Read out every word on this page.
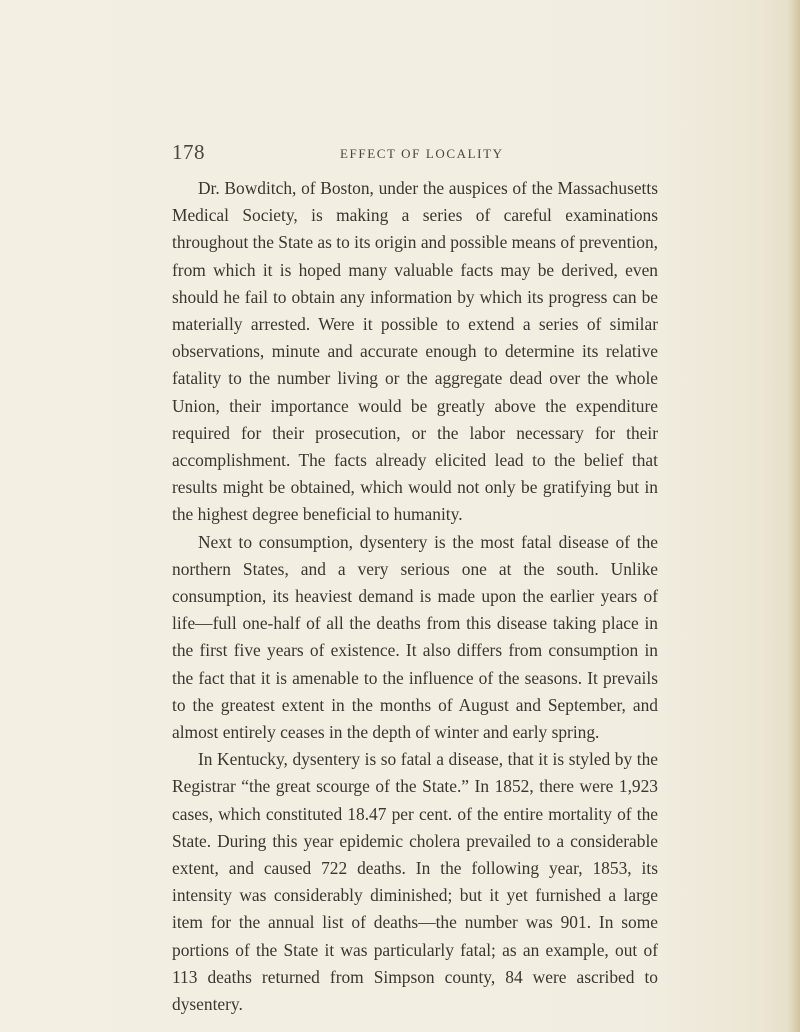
178	EFFECT OF LOCALITY

Dr. Bowditch, of Boston, under the auspices of the Massachusetts Medical Society, is making a series of careful examinations throughout the State as to its origin and possible means of prevention, from which it is hoped many valuable facts may be derived, even should he fail to obtain any information by which its progress can be materially arrested. Were it possible to extend a series of similar observations, minute and accurate enough to determine its relative fatality to the number living or the aggregate dead over the whole Union, their importance would be greatly above the expenditure required for their prosecution, or the labor necessary for their accomplishment. The facts already elicited lead to the belief that results might be obtained, which would not only be gratifying but in the highest degree beneficial to humanity.

Next to consumption, dysentery is the most fatal disease of the northern States, and a very serious one at the south. Unlike consumption, its heaviest demand is made upon the earlier years of life—full one-half of all the deaths from this disease taking place in the first five years of existence. It also differs from consumption in the fact that it is amenable to the influence of the seasons. It prevails to the greatest extent in the months of August and September, and almost entirely ceases in the depth of winter and early spring.

In Kentucky, dysentery is so fatal a disease, that it is styled by the Registrar “the great scourge of the State.” In 1852, there were 1,923 cases, which constituted 18.47 per cent. of the entire mortality of the State. During this year epidemic cholera prevailed to a considerable extent, and caused 722 deaths. In the following year, 1853, its intensity was considerably diminished; but it yet furnished a large item for the annual list of deaths—the number was 901. In some portions of the State it was particularly fatal; as an example, out of 113 deaths returned from Simpson county, 84 were ascribed to dysentery.
